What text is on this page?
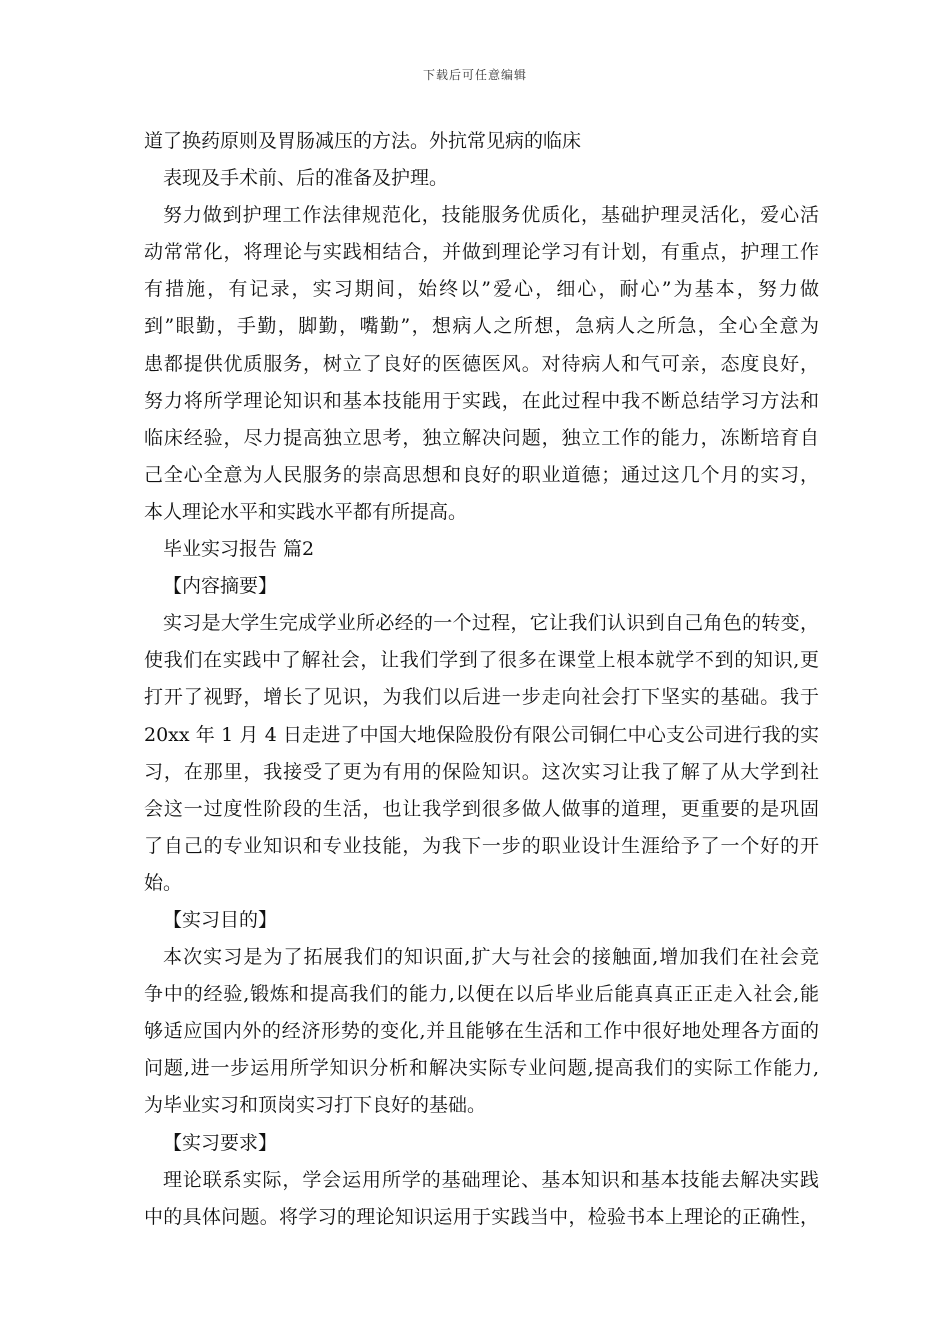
下载后可任意编辑
道了换药原则及胃肠减压的方法。外抗常见病的临床
表现及手术前、后的准备及护理。
努力做到护理工作法律规范化，技能服务优质化，基础护理灵活化，爱心活
动常常化，将理论与实践相结合，并做到理论学习有计划，有重点，护理工作
有措施，有记录，实习期间，始终以”爱心，细心，耐心”为基本，努力做
到”眼勤，手勤，脚勤，嘴勤”，想病人之所想，急病人之所急，全心全意为
患都提供优质服务，树立了良好的医德医风。对待病人和气可亲，态度良好，
努力将所学理论知识和基本技能用于实践，在此过程中我不断总结学习方法和
临床经验，尽力提高独立思考，独立解决问题，独立工作的能力，冻断培育自
己全心全意为人民服务的崇高思想和良好的职业道德；通过这几个月的实习，
本人理论水平和实践水平都有所提高。
毕业实习报告 篇2
【内容摘要】
实习是大学生完成学业所必经的一个过程，它让我们认识到自己角色的转变，
使我们在实践中了解社会，让我们学到了很多在课堂上根本就学不到的知识,更
打开了视野，增长了见识，为我们以后进一步走向社会打下坚实的基础。我于
20xx 年 1 月 4 日走进了中国大地保险股份有限公司铜仁中心支公司进行我的实
习，在那里，我接受了更为有用的保险知识。这次实习让我了解了从大学到社
会这一过度性阶段的生活，也让我学到很多做人做事的道理，更重要的是巩固
了自己的专业知识和专业技能，为我下一步的职业设计生涯给予了一个好的开
始。
【实习目的】
本次实习是为了拓展我们的知识面,扩大与社会的接触面,增加我们在社会竞
争中的经验,锻炼和提高我们的能力,以便在以后毕业后能真真正正走入社会,能
够适应国内外的经济形势的变化,并且能够在生活和工作中很好地处理各方面的
问题,进一步运用所学知识分析和解决实际专业问题,提高我们的实际工作能力,
为毕业实习和顶岗实习打下良好的基础。
【实习要求】
理论联系实际，学会运用所学的基础理论、基本知识和基本技能去解决实践
中的具体问题。将学习的理论知识运用于实践当中，检验书本上理论的正确性，
